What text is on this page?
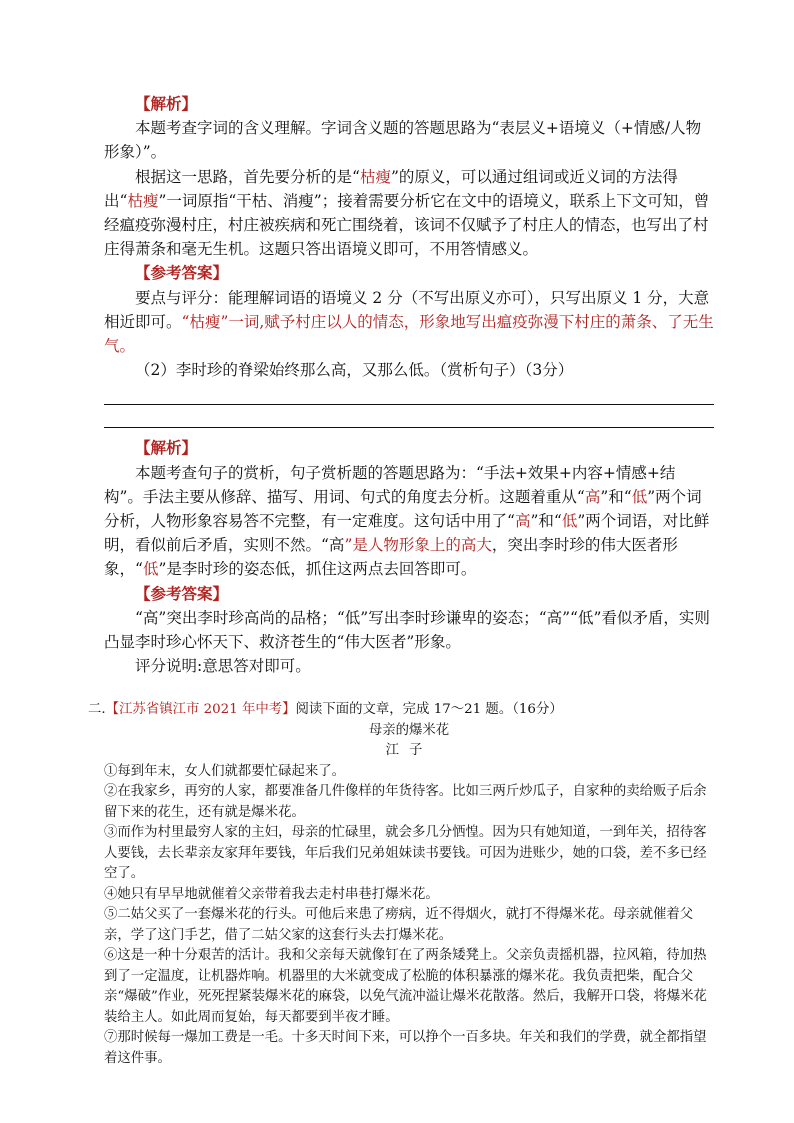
【解析】

本题考查字词的含义理解。字词含义题的答题思路为“表层义+语境义（+情感/人物形象）”。

根据这一思路，首先要分析的是“枯瘦”的原义，可以通过组词或近义词的方法得出“枯瘦”一词原指“干枯、消瘦”；接着需要分析它在文中的语境义，联系上下文可知，曾经瘟疫弥漫村庄，村庄被疾病和死亡围绕着，该词不仅赋予了村庄人的情态，也写出了村庄得萧条和毫无生机。这题只答出语境义即可，不用答情感义。

【参考答案】

要点与评分：能理解词语的语境义 2 分（不写出原义亦可），只写出原义 1 分，大意相近即可。“枯瘦”一词,赋予村庄以人的情态，形象地写出瘟疫弥漫下村庄的萧条、了无生气。

（2）李时珍的脊梁始终那么高，又那么低。（赏析句子）（3分）

【解析】

本题考查句子的赏析，句子赏析题的答题思路为：“手法+效果+内容+情感+结构”。手法主要从修辞、描写、用词、句式的角度去分析。这题着重从“高”和“低”两个词分析，人物形象容易答不完整，有一定难度。这句话中用了“高”和“低”两个词语，对比鲜明，看似前后矛盾，实则不然。“高”是人物形象上的高大，突出李时珍的伟大医者形象，“低”是李时珍的姿态低，抓住这两点去回答即可。

【参考答案】

“高”突出李时珍高尚的品格；“低”写出李时珍谦卑的姿态；“高”“低”看似矛盾，实则凸显李时珍心怀天下、救济苍生的“伟大医者”形象。

评分说明:意思答对即可。

二.【江苏省镇江市 2021 年中考】阅读下面的文章，完成 17～21 题。（16分）

母亲的爆米花

江子

①每到年末，女人们就都要忙碌起来了。

②在我家乡，再穷的人家，都要准备几件像样的年货待客。比如三两斤炒瓜子，自家种的卖给贩子后余留下来的花生，还有就是爆米花。

③而作为村里最穷人家的主妇，母亲的忙碌里，就会多几分恓惶。因为只有她知道，一到年关，招待客人要钱，去长辈亲友家拜年要钱，年后我们兄弟姐妹读书要钱。可因为进账少，她的口袋，差不多已经空了。

④她只有早早地就催着父亲带着我去走村串巷打爆米花。

⑤二姑父买了一套爆米花的行头。可他后来患了痨病，近不得烟火，就打不得爆米花。母亲就催着父亲，学了这门手艺，借了二姑父家的这套行头去打爆米花。

⑥这是一种十分艰苦的活计。我和父亲每天就像钉在了两条矮凳上。父亲负责摇机器，拉风箱，待加热到了一定温度，让机器炸响。机器里的大米就变成了松脆的体积暴涨的爆米花。我负责把柴，配合父亲“爆破”作业，死死捏紧装爆米花的麻袋，以免气流冲溢让爆米花散落。然后，我解开口袋，将爆米花装给主人。如此周而复始，每天都要到半夜才睡。

⑦那时候每一爆加工费是一毛。十多天时间下来，可以挣个一百多块。年关和我们的学费，就全都指望着这件事。
